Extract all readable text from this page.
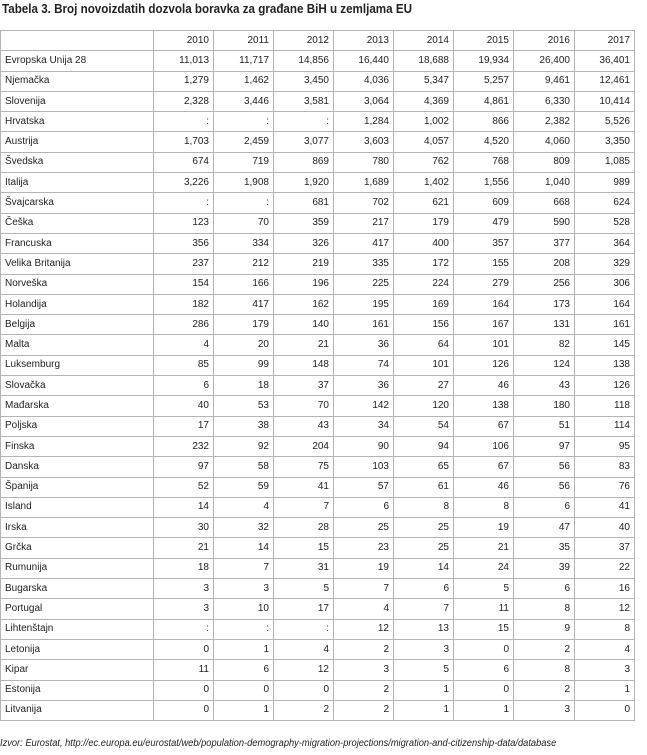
Tabela 3. Broj novoizdatih dozvola boravka za građane BiH u zemljama EU
	2010	2011	2012	2013	2014	2015	2016	2017
Evropska Unija 28	11,013	11,717	14,856	16,440	18,688	19,934	26,400	36,401
Njemačka	1,279	1,462	3,450	4,036	5,347	5,257	9,461	12,461
Slovenija	2,328	3,446	3,581	3,064	4,369	4,861	6,330	10,414
Hrvatska	:	:	:	1,284	1,002	866	2,382	5,526
Austrija	1,703	2,459	3,077	3,603	4,057	4,520	4,060	3,350
Švedska	674	719	869	780	762	768	809	1,085
Italija	3,226	1,908	1,920	1,689	1,402	1,556	1,040	989
Švajcarska	:	:	681	702	621	609	668	624
Češka	123	70	359	217	179	479	590	528
Francuska	356	334	326	417	400	357	377	364
Velika Britanija	237	212	219	335	172	155	208	329
Norveška	154	166	196	225	224	279	256	306
Holandija	182	417	162	195	169	164	173	164
Belgija	286	179	140	161	156	167	131	161
Malta	4	20	21	36	64	101	82	145
Luksemburg	85	99	148	74	101	126	124	138
Slovačka	6	18	37	36	27	46	43	126
Mađarska	40	53	70	142	120	138	180	118
Poljska	17	38	43	34	54	67	51	114
Finska	232	92	204	90	94	106	97	95
Danska	97	58	75	103	65	67	56	83
Španija	52	59	41	57	61	46	56	76
Island	14	4	7	6	8	8	6	41
Irska	30	32	28	25	25	19	47	40
Grčka	21	14	15	23	25	21	35	37
Rumunija	18	7	31	19	14	24	39	22
Bugarska	3	3	5	7	6	5	6	16
Portugal	3	10	17	4	7	11	8	12
Lihtenštajn	:	:	:	12	13	15	9	8
Letonija	0	1	4	2	3	0	2	4
Kipar	11	6	12	3	5	6	8	3
Estonija	0	0	0	2	1	0	2	1
Litvanija	0	1	2	2	1	1	3	0
Izvor: Eurostat, http://ec.europa.eu/eurostat/web/population-demography-migration-projections/migration-and-citizenship-data/database
